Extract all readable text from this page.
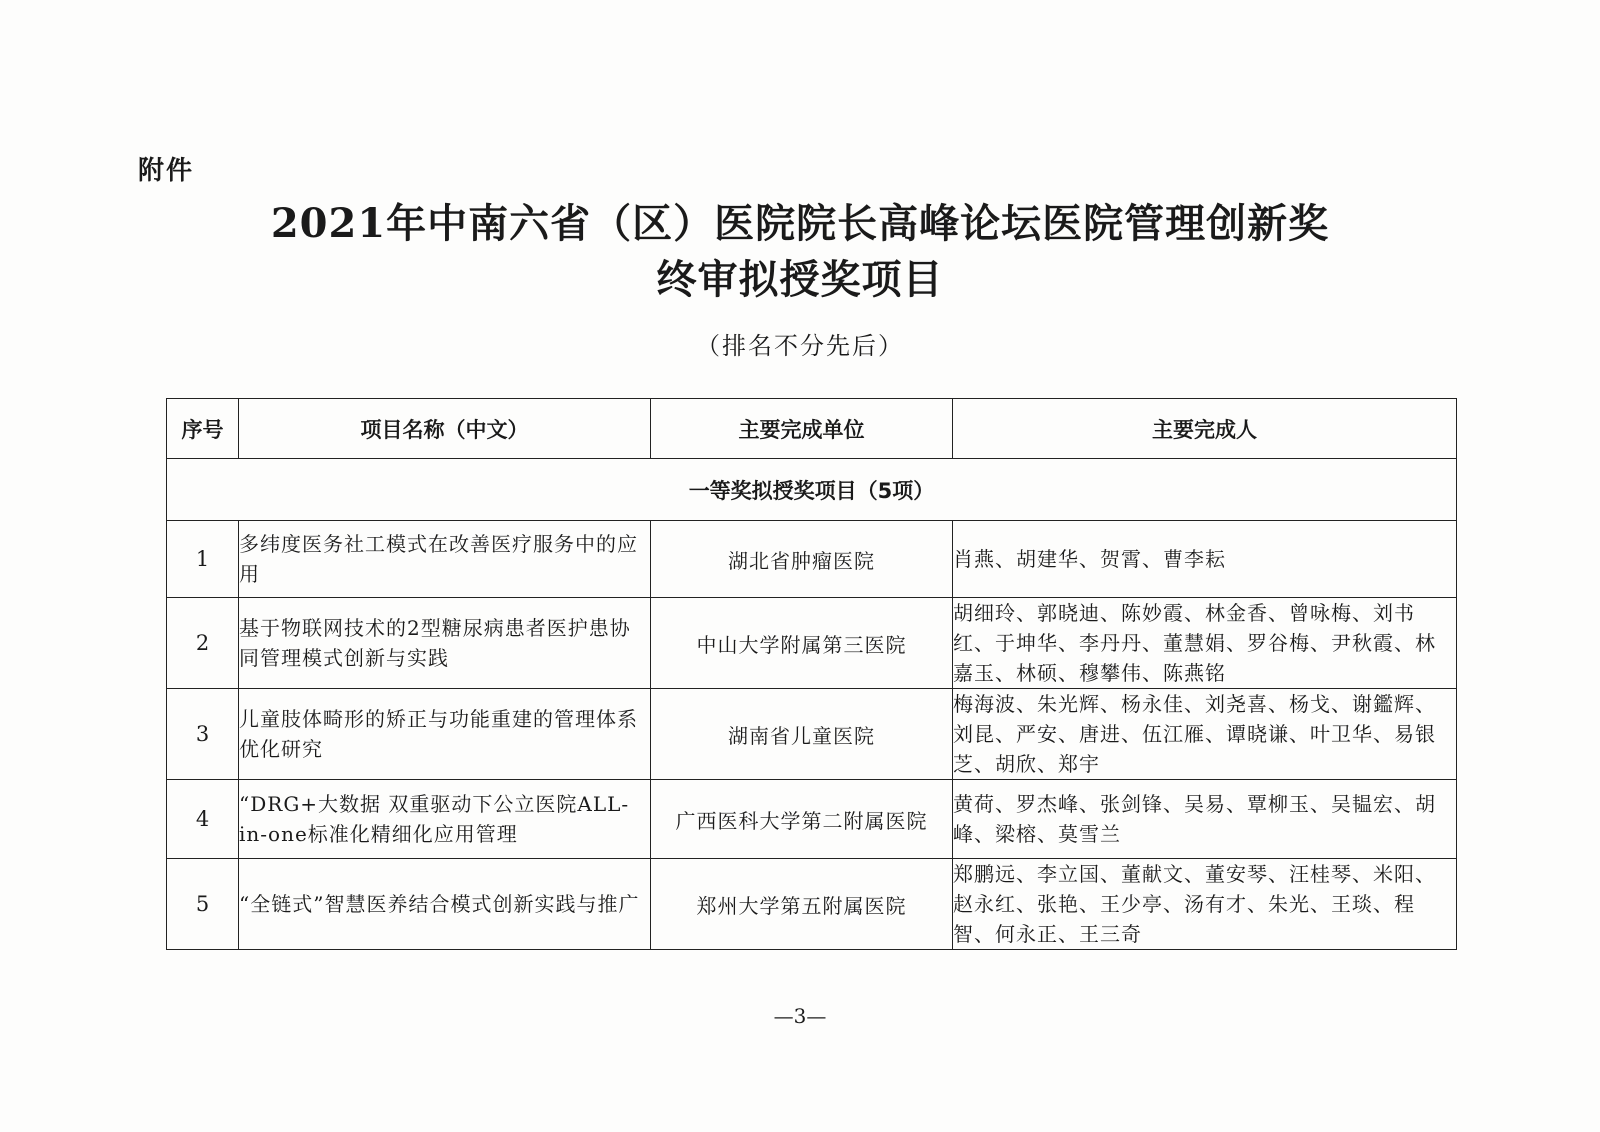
附件
2021年中南六省（区）医院院长高峰论坛医院管理创新奖
终审拟授奖项目
（排名不分先后）
序号	项目名称（中文）	主要完成单位	主要完成人
一等奖拟授奖项目（5项）			
1	多纬度医务社工模式在改善医疗服务中的应用	湖北省肿瘤医院	肖燕、胡建华、贺霄、曹李耘
2	基于物联网技术的2型糖尿病患者医护患协同管理模式创新与实践	中山大学附属第三医院	胡细玲、郭晓迪、陈妙霞、林金香、曾咏梅、刘书红、于坤华、李丹丹、董慧娟、罗谷梅、尹秋霞、林嘉玉、林硕、穆攀伟、陈燕铭
3	儿童肢体畸形的矫正与功能重建的管理体系优化研究	湖南省儿童医院	梅海波、朱光辉、杨永佳、刘尧喜、杨戈、谢鑑辉、刘昆、严安、唐进、伍江雁、谭晓谦、叶卫华、易银芝、胡欣、郑宇
4	“DRG+大数据 双重驱动下公立医院ALL-in-one标准化精细化应用管理	广西医科大学第二附属医院	黄荷、罗杰峰、张剑锋、吴易、覃柳玉、吴韫宏、胡峰、梁榕、莫雪兰
5	“全链式”智慧医养结合模式创新实践与推广	郑州大学第五附属医院	郑鹏远、李立国、董献文、董安琴、汪桂琴、米阳、赵永红、张艳、王少亭、汤有才、朱光、王琰、程智、何永正、王三奇
—3—
